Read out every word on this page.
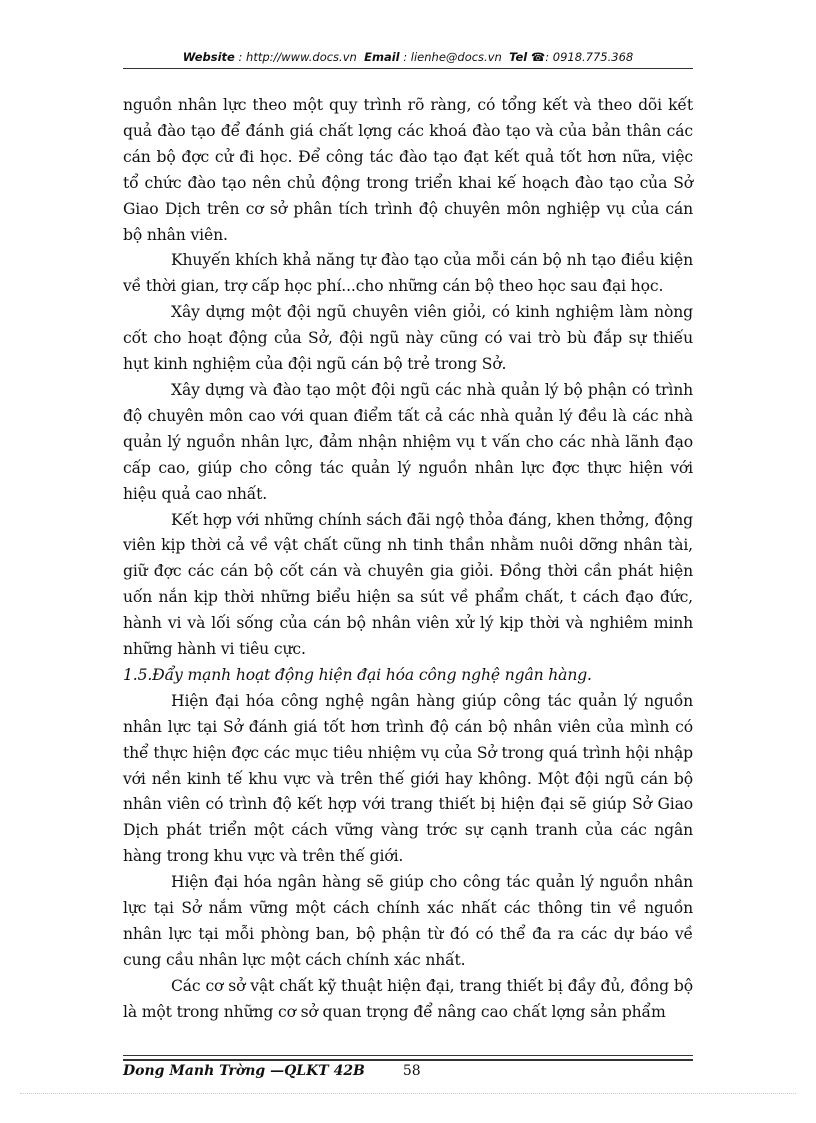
Website : http://www.docs.vn Email : lienhe@docs.vn Tel ☎: 0918.775.368

nguồn nhân lực theo một quy trình rõ ràng, có tổng kết và theo dõi kết quả đào tạo để đánh giá chất lợng các khoá đào tạo và của bản thân các cán bộ đợc cử đi học. Để công tác đào tạo đạt kết quả tốt hơn nữa, việc tổ chức đào tạo nên chủ động trong triển khai kế hoạch đào tạo của Sở Giao Dịch trên cơ sở phân tích trình độ chuyên môn nghiệp vụ của cán bộ nhân viên.

Khuyến khích khả năng tự đào tạo của mỗi cán bộ nh tạo điều kiện về thời gian, trợ cấp học phí...cho những cán bộ theo học sau đại học.

Xây dựng một đội ngũ chuyên viên giỏi, có kinh nghiệm làm nòng cốt cho hoạt động của Sở, đội ngũ này cũng có vai trò bù đắp sự thiếu hụt kinh nghiệm của đội ngũ cán bộ trẻ trong Sở.

Xây dựng và đào tạo một đội ngũ các nhà quản lý bộ phận có trình độ chuyên môn cao với quan điểm tất cả các nhà quản lý đều là các nhà quản lý nguồn nhân lực, đảm nhận nhiệm vụ t vấn cho các nhà lãnh đạo cấp cao, giúp cho công tác quản lý nguồn nhân lực đợc thực hiện với hiệu quả cao nhất.

Kết hợp với những chính sách đãi ngộ thỏa đáng, khen thởng, động viên kịp thời cả về vật chất cũng nh tinh thần nhằm nuôi dỡng nhân tài, giữ đợc các cán bộ cốt cán và chuyên gia giỏi. Đồng thời cần phát hiện uốn nắn kịp thời những biểu hiện sa sút về phẩm chất, t cách đạo đức, hành vi và lối sống của cán bộ nhân viên xử lý kịp thời và nghiêm minh những hành vi tiêu cực.

1.5.Đẩy mạnh hoạt động hiện đại hóa công nghệ ngân hàng.

Hiện đại hóa công nghệ ngân hàng giúp công tác quản lý nguồn nhân lực tại Sở đánh giá tốt hơn trình độ cán bộ nhân viên của mình có thể thực hiện đợc các mục tiêu nhiệm vụ của Sở trong quá trình hội nhập với nền kinh tế khu vực và trên thế giới hay không. Một đội ngũ cán bộ nhân viên có trình độ kết hợp với trang thiết bị hiện đại sẽ giúp Sở Giao Dịch phát triển một cách vững vàng trớc sự cạnh tranh của các ngân hàng trong khu vực và trên thế giới.

Hiện đại hóa ngân hàng sẽ giúp cho công tác quản lý nguồn nhân lực tại Sở nắm vững một cách chính xác nhất các thông tin về nguồn nhân lực tại mỗi phòng ban, bộ phận từ đó có thể đa ra các dự báo về cung cầu nhân lực một cách chính xác nhất.

Các cơ sở vật chất kỹ thuật hiện đại, trang thiết bị đầy đủ, đồng bộ là một trong những cơ sở quan trọng để nâng cao chất lợng sản phẩm

Dong Manh Trờng —QLKT 42B	58
